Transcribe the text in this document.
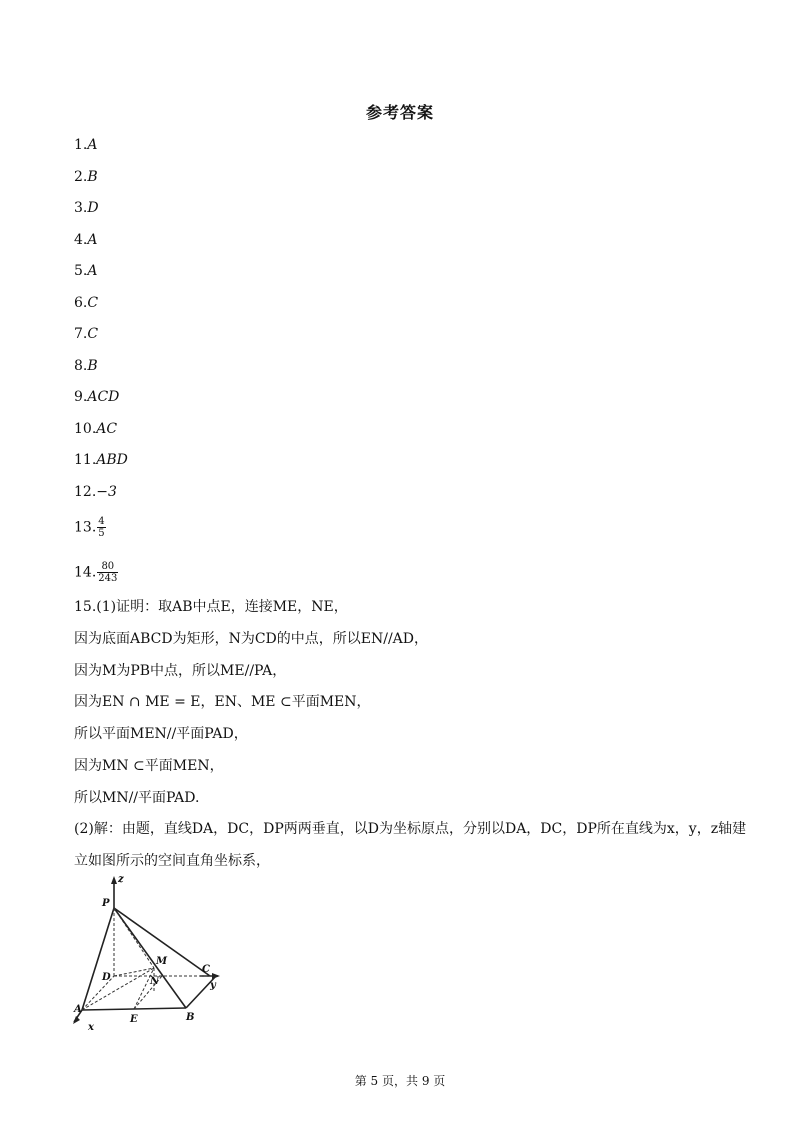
参考答案
1.A
2.B
3.D
4.A
5.A
6.C
7.C
8.B
9.ACD
10.AC
11.ABD
12.−3
13. $\frac{4}{5}$
14. $\frac{80}{243}$
15.(1)证明：取AB中点E，连接ME，NE，
因为底面ABCD为矩形，N为CD的中点，所以EN//AD，
因为M为PB中点，所以ME//PA，
因为EN ∩ ME = E，EN、ME ⊂平面MEN，
所以平面MEN//平面PAD，
因为MN ⊂平面MEN，
所以MN//平面PAD.
(2)解：由题，直线DA，DC，DP两两垂直，以D为坐标原点，分别以DA，DC，DP所在直线为x，y，z轴建
立如图所示的空间直角坐标系，
z
P
D
M
N
C
y
A
E	B
x
第 5 页，共 9 页
